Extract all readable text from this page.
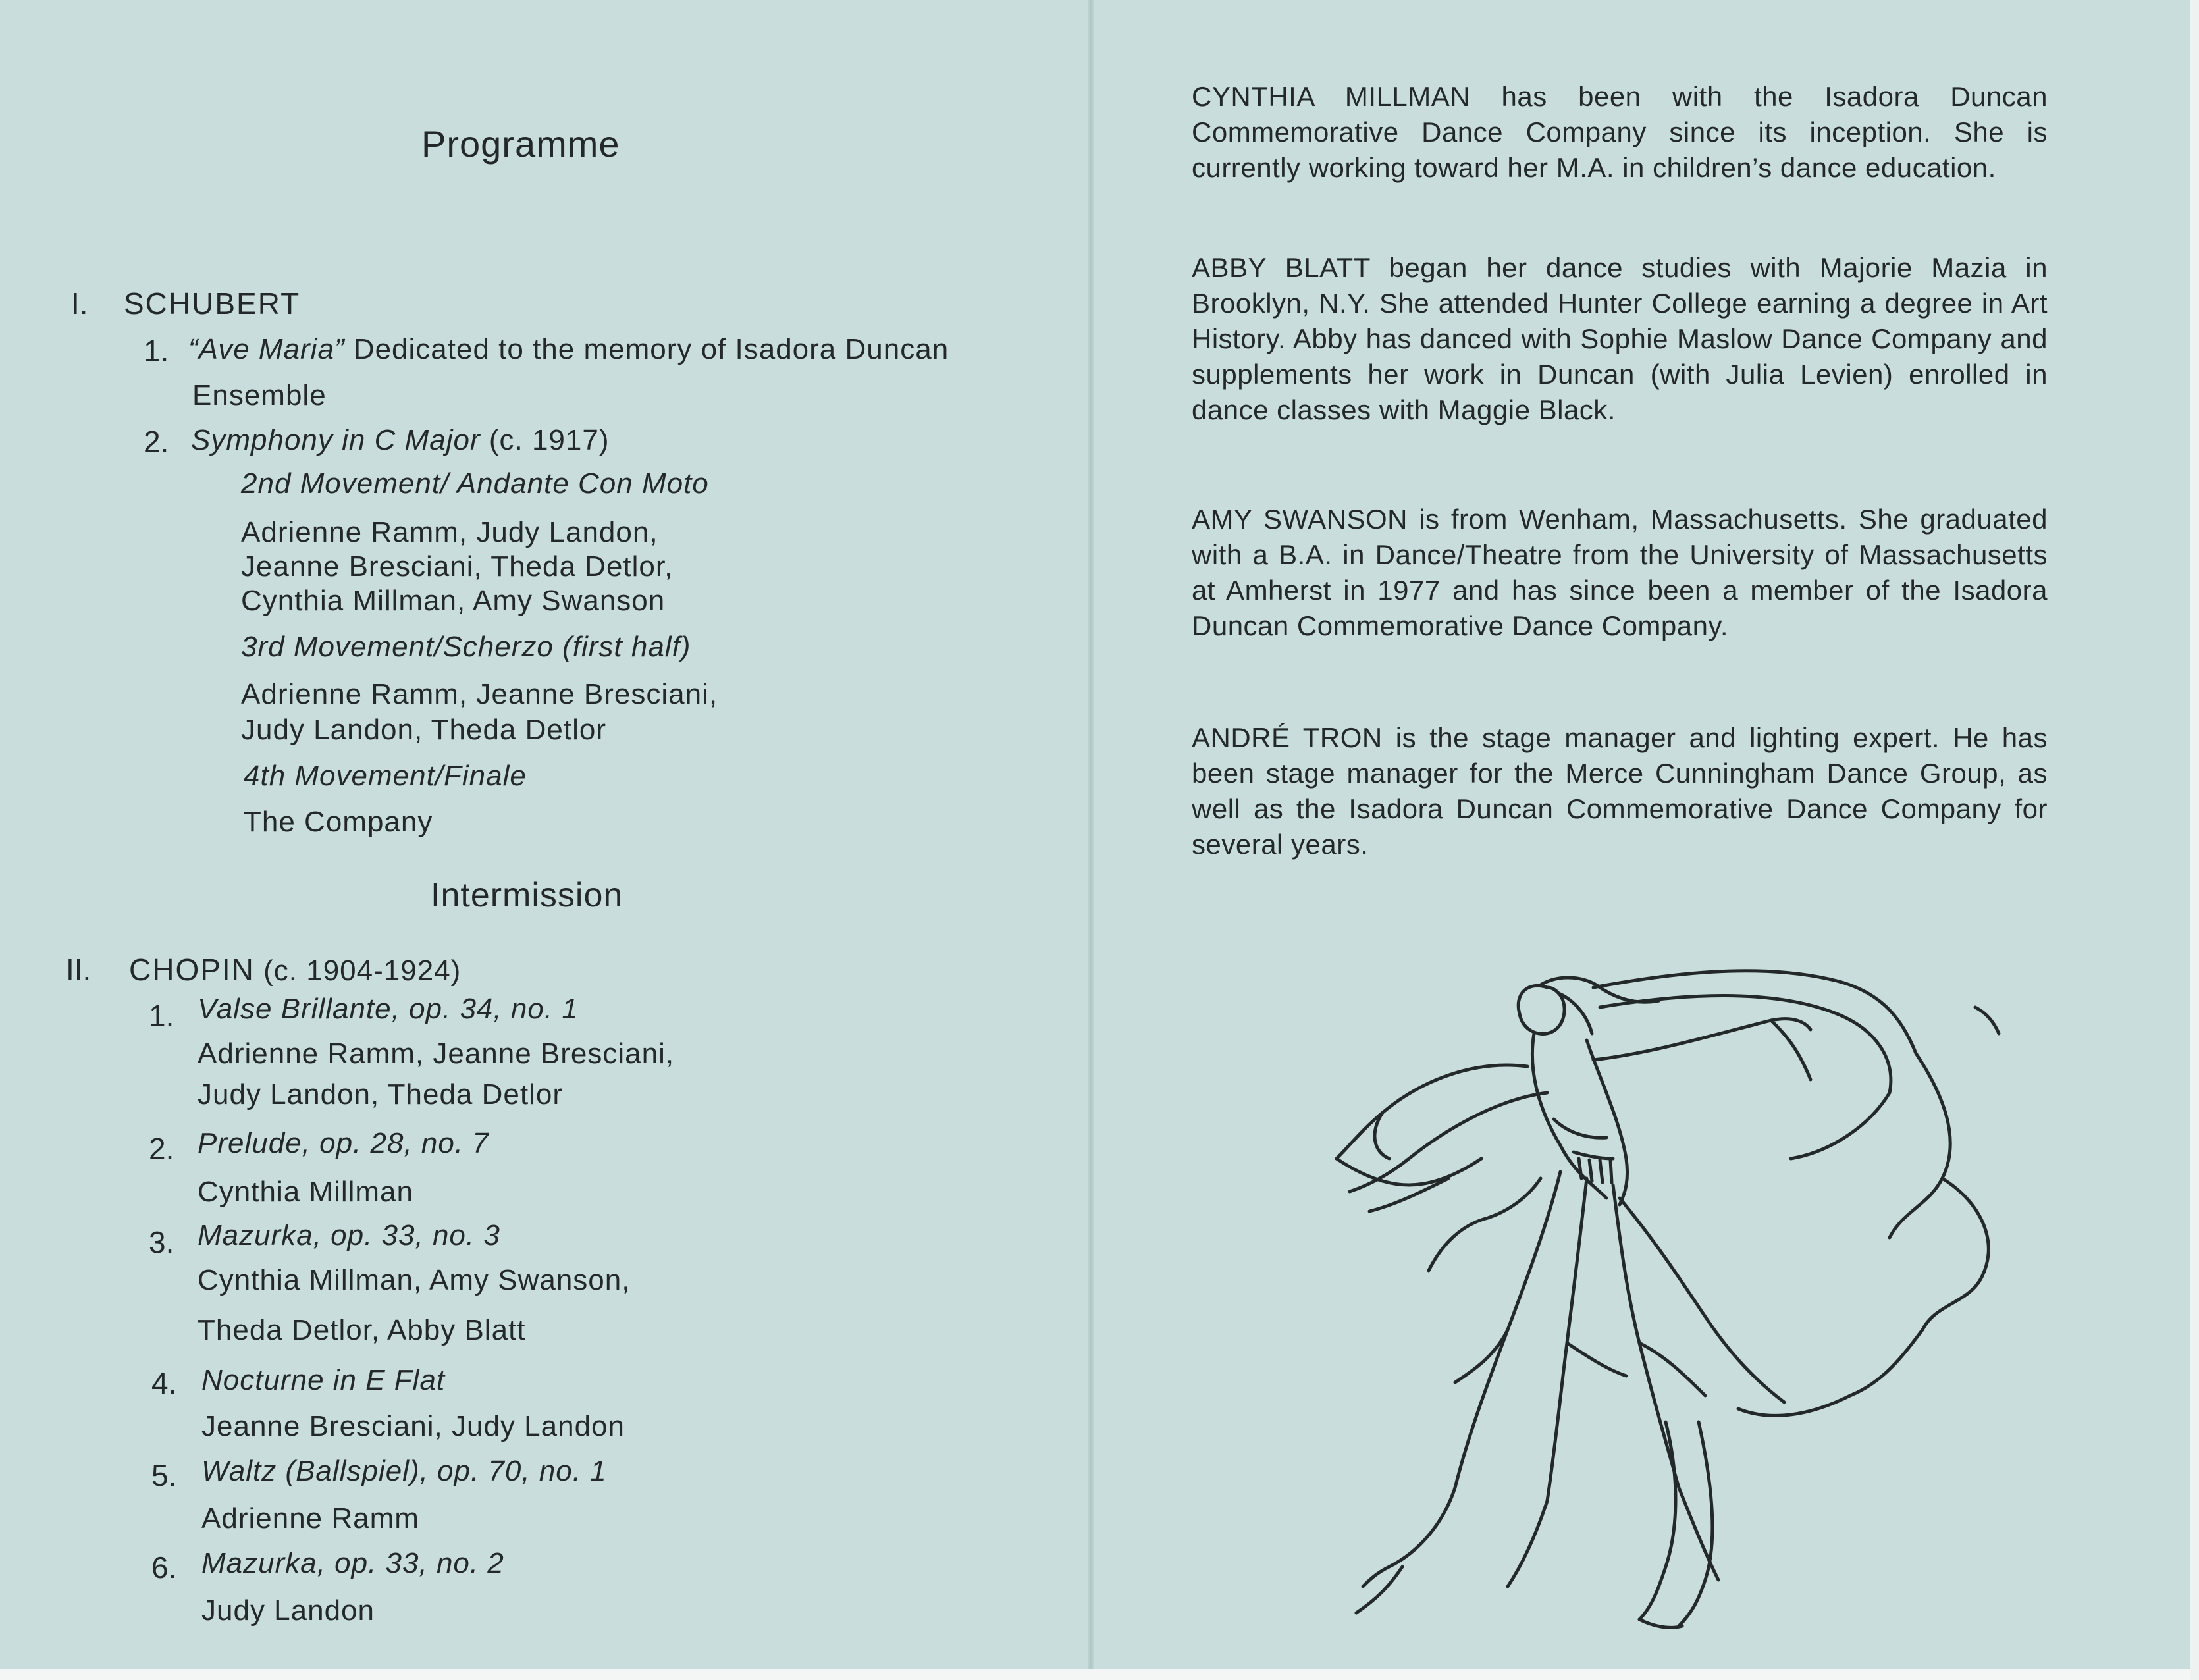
Programme
I. SCHUBERT
1. “Ave Maria” Dedicated to the memory of Isadora Duncan
Ensemble
2. Symphony in C Major (c. 1917)
2nd Movement/ Andante Con Moto
Adrienne Ramm, Judy Landon,
Jeanne Bresciani, Theda Detlor,
Cynthia Millman, Amy Swanson
3rd Movement/Scherzo (first half)
Adrienne Ramm, Jeanne Bresciani,
Judy Landon, Theda Detlor
4th Movement/Finale
The Company
Intermission
II. CHOPIN (c. 1904-1924)
1. Valse Brillante, op. 34, no. 1
Adrienne Ramm, Jeanne Bresciani,
Judy Landon, Theda Detlor
2. Prelude, op. 28, no. 7
Cynthia Millman
3. Mazurka, op. 33, no. 3
Cynthia Millman, Amy Swanson,
Theda Detlor, Abby Blatt
4. Nocturne in E Flat
Jeanne Bresciani, Judy Landon
5. Waltz (Ballspiel), op. 70, no. 1
Adrienne Ramm
6. Mazurka, op. 33, no. 2
Judy Landon

CYNTHIA MILLMAN has been with the Isadora Duncan Commemorative Dance Company since its inception. She is currently working toward her M.A. in children’s dance education.

ABBY BLATT began her dance studies with Majorie Mazia in Brooklyn, N.Y. She attended Hunter College earning a degree in Art History. Abby has danced with Sophie Maslow Dance Company and supplements her work in Duncan (with Julia Levien) enrolled in dance classes with Maggie Black.

AMY SWANSON is from Wenham, Massachusetts. She graduated with a B.A. in Dance/Theatre from the University of Massachusetts at Amherst in 1977 and has since been a member of the Isadora Duncan Commemorative Dance Company.

ANDRÉ TRON is the stage manager and lighting expert. He has been stage manager for the Merce Cunningham Dance Group, as well as the Isadora Duncan Commemorative Dance Company for several years.
